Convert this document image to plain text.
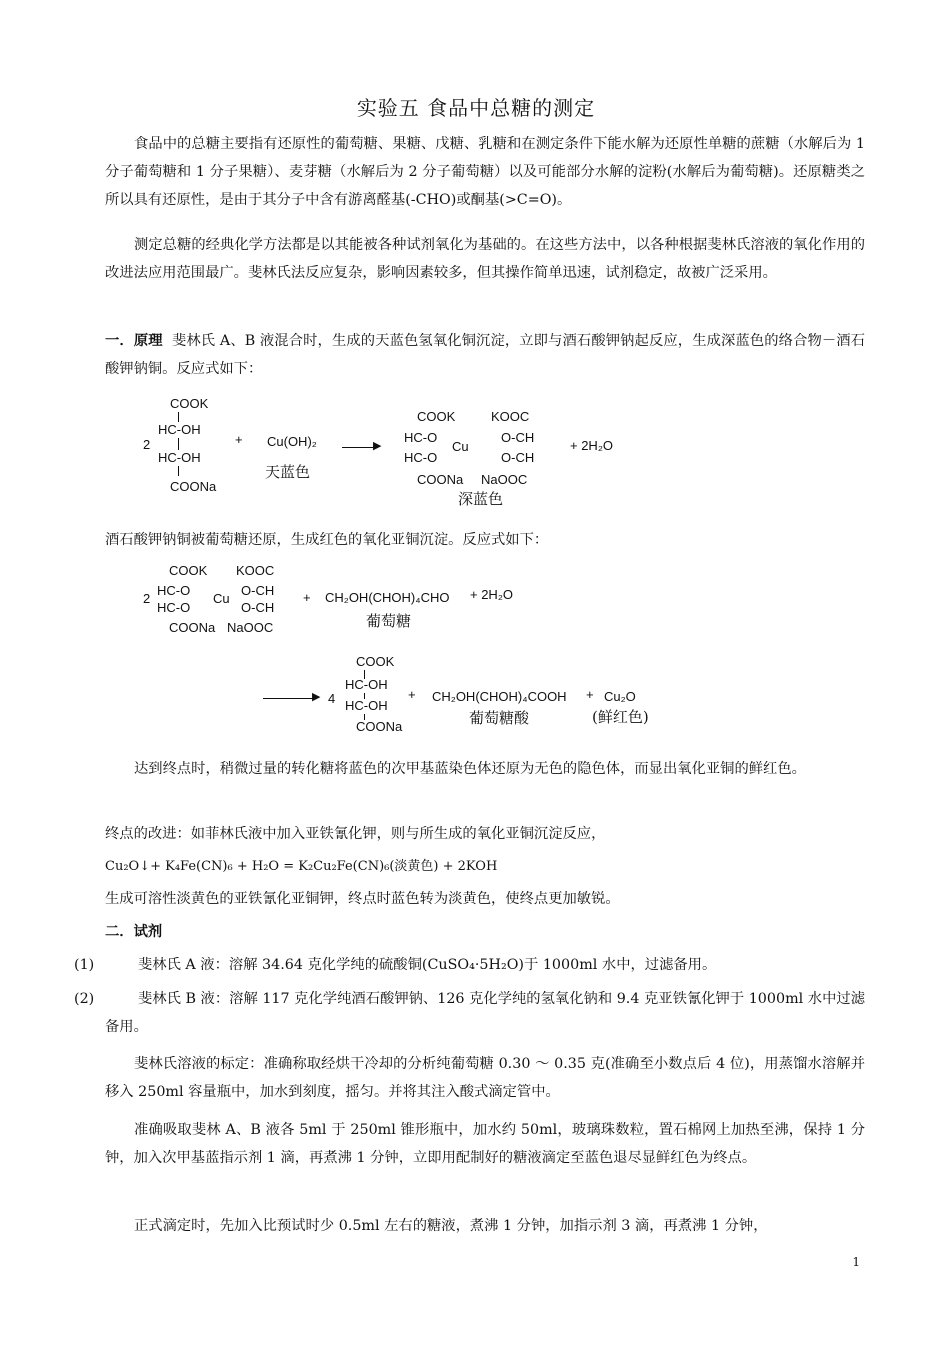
实验五 食品中总糖的测定
食品中的总糖主要指有还原性的葡萄糖、果糖、戊糖、乳糖和在测定条件下能水解为还原性单糖的蔗糖（水解后为 1 分子葡萄糖和 1 分子果糖）、麦芽糖（水解后为 2 分子葡萄糖）以及可能部分水解的淀粉(水解后为葡萄糖)。还原糖类之所以具有还原性，是由于其分子中含有游离醛基(-CHO)或酮基(>C=O)。
测定总糖的经典化学方法都是以其能被各种试剂氧化为基础的。在这些方法中，以各种根据斐林氏溶液的氧化作用的改进法应用范围最广。斐林氏法反应复杂，影响因素较多，但其操作简单迅速，试剂稳定，故被广泛采用。
一．原理 斐林氏 A、B 液混合时，生成的天蓝色氢氧化铜沉淀，立即与酒石酸钾钠起反应，生成深蓝色的络合物－酒石酸钾钠铜。反应式如下：
COOK
HC-OH
2
HC-OH
COONa
+ Cu(OH)₂
天蓝色
▶
COOK	KOOC
HC-O
Cu
O-CH
HC-O	O-CH
COONa NaOOC
深蓝色
+ 2H₂O
酒石酸钾钠铜被葡萄糖还原，生成红色的氧化亚铜沉淀。反应式如下：
COOK KOOC
2
HC-O
Cu
O-CH
HC-O	O-CH
COONa NaOOC
+ CH₂OH(CHOH)₄CHO
葡萄糖
+ 2H₂O
▶ 4
COOK
HC-OH
HC-OH
COONa
+ CH₂OH(CHOH)₄COOH
葡萄糖酸
+ Cu₂O
(鲜红色)
达到终点时，稍微过量的转化糖将蓝色的次甲基蓝染色体还原为无色的隐色体，而显出氧化亚铜的鲜红色。
终点的改进：如菲林氏液中加入亚铁氰化钾，则与所生成的氧化亚铜沉淀反应，
Cu₂O↓+ K₄Fe(CN)₆ + H₂O = K₂Cu₂Fe(CN)₆(淡黄色) + 2KOH
生成可溶性淡黄色的亚铁氰化亚铜钾，终点时蓝色转为淡黄色，使终点更加敏锐。
二．试剂
(1)	斐林氏 A 液：溶解 34.64 克化学纯的硫酸铜(CuSO₄·5H₂O)于 1000ml 水中，过滤备用。
(2)	斐林氏 B 液：溶解 117 克化学纯酒石酸钾钠、126 克化学纯的氢氧化钠和 9.4 克亚铁氰化钾于 1000ml 水中过滤备用。
斐林氏溶液的标定：准确称取经烘干冷却的分析纯葡萄糖 0.30 ～ 0.35 克(准确至小数点后 4 位)，用蒸馏水溶解并移入 250ml 容量瓶中，加水到刻度，摇匀。并将其注入酸式滴定管中。
准确吸取斐林 A、B 液各 5ml 于 250ml 锥形瓶中，加水约 50ml，玻璃珠数粒，置石棉网上加热至沸，保持 1 分钟，加入次甲基蓝指示剂 1 滴，再煮沸 1 分钟，立即用配制好的糖液滴定至蓝色退尽显鲜红色为终点。
正式滴定时，先加入比预试时少 0.5ml 左右的糖液，煮沸 1 分钟，加指示剂 3 滴，再煮沸 1 分钟，
1
